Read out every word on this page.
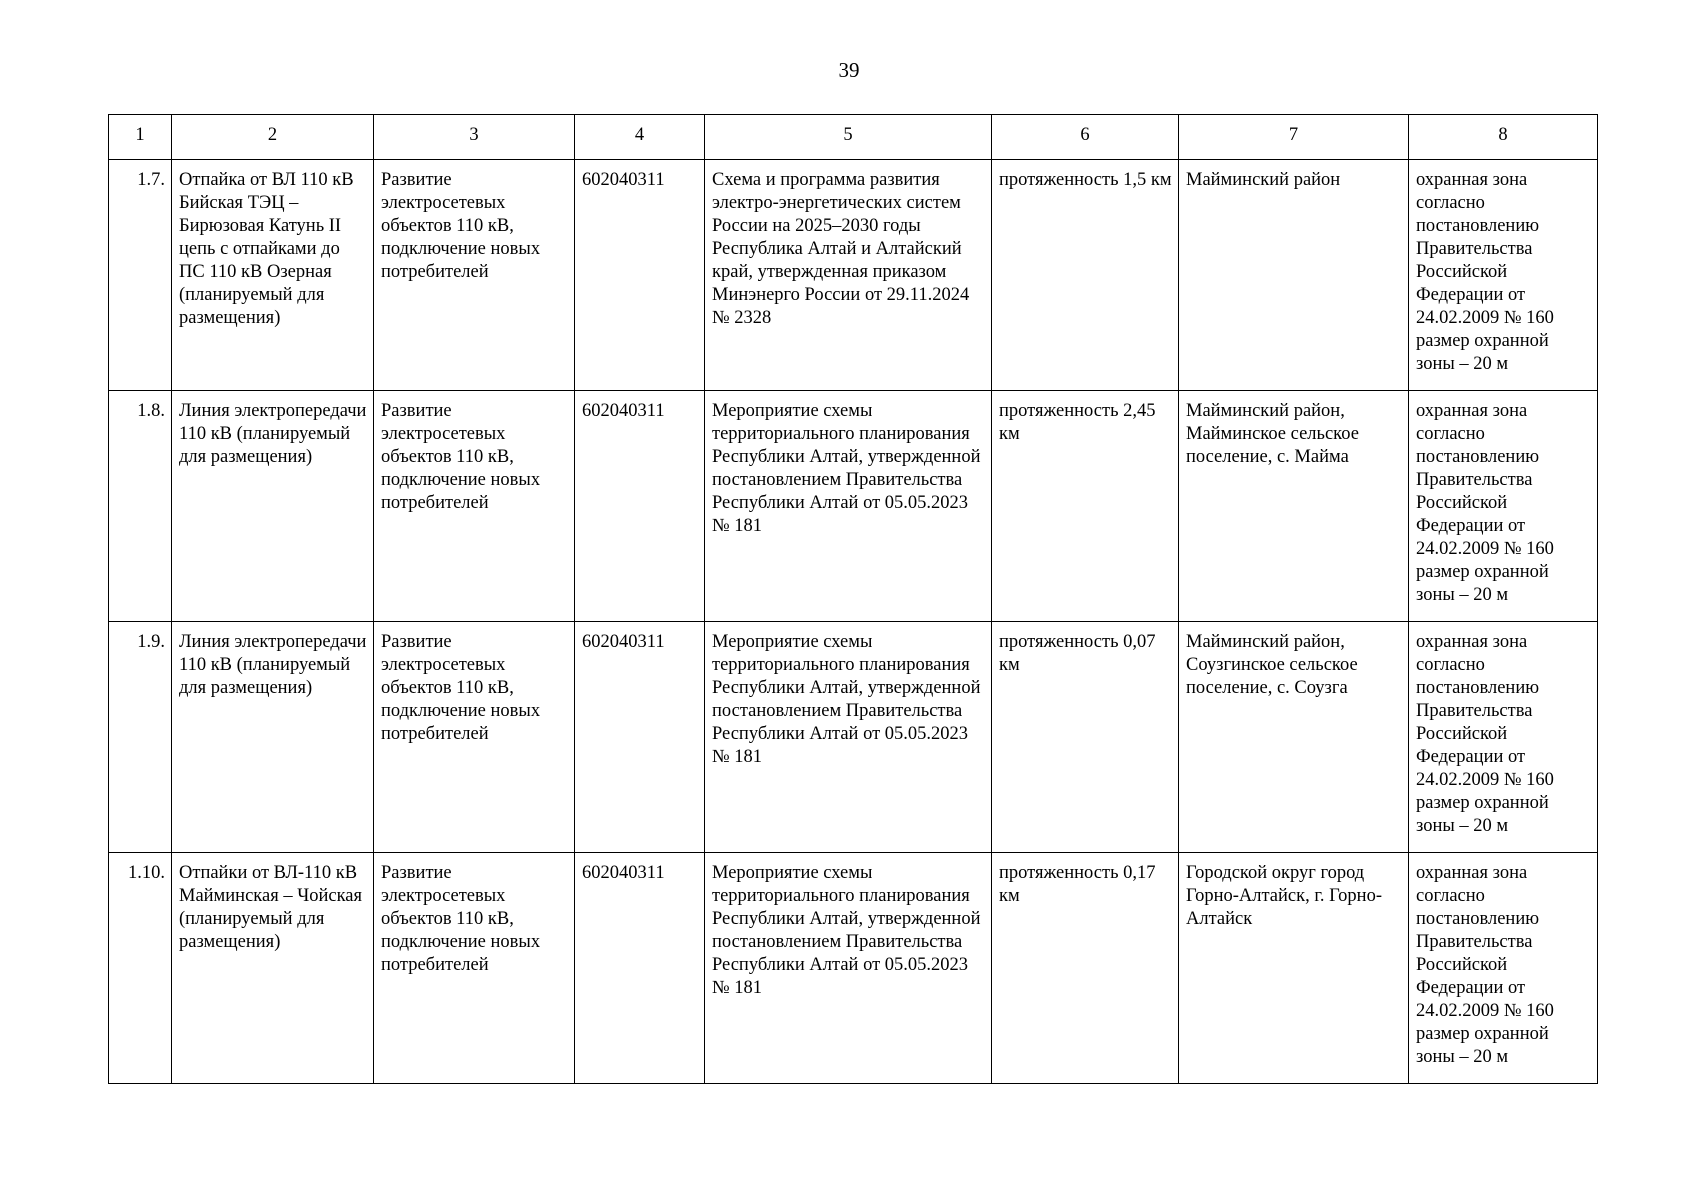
39
1	2	3	4	5	6	7	8
1.7.	Отпайка от ВЛ 110 кВ Бийская ТЭЦ – Бирюзовая Катунь II цепь с отпайками до ПС 110 кВ Озерная (планируемый для размещения)	Развитие электросетевых объектов 110 кВ, подключение новых потребителей	602040311	Схема и программа развития электро-энергетических систем России на 2025–2030 годы Республика Алтай и Алтайский край, утвержденная приказом Минэнерго России от 29.11.2024 № 2328	протяженность 1,5 км	Майминский район	охранная зона согласно постановлению Правительства Российской Федерации от 24.02.2009 № 160 размер охранной зоны – 20 м
1.8.	Линия электропередачи 110 кВ (планируемый для размещения)	Развитие электросетевых объектов 110 кВ, подключение новых потребителей	602040311	Мероприятие схемы территориального планирования Республики Алтай, утвержденной постановлением Правительства Республики Алтай от 05.05.2023 № 181	протяженность 2,45 км	Майминский район, Майминское сельское поселение, с. Майма	охранная зона согласно постановлению Правительства Российской Федерации от 24.02.2009 № 160 размер охранной зоны – 20 м
1.9.	Линия электропередачи 110 кВ (планируемый для размещения)	Развитие электросетевых объектов 110 кВ, подключение новых потребителей	602040311	Мероприятие схемы территориального планирования Республики Алтай, утвержденной постановлением Правительства Республики Алтай от 05.05.2023 № 181	протяженность 0,07 км	Майминский район, Соузгинское сельское поселение, с. Соузга	охранная зона согласно постановлению Правительства Российской Федерации от 24.02.2009 № 160 размер охранной зоны – 20 м
1.10.	Отпайки от ВЛ-110 кВ Майминская – Чойская (планируемый для размещения)	Развитие электросетевых объектов 110 кВ, подключение новых потребителей	602040311	Мероприятие схемы территориального планирования Республики Алтай, утвержденной постановлением Правительства Республики Алтай от 05.05.2023 № 181	протяженность 0,17 км	Городской округ город Горно-Алтайск, г. Горно-Алтайск	охранная зона согласно постановлению Правительства Российской Федерации от 24.02.2009 № 160 размер охранной зоны – 20 м
